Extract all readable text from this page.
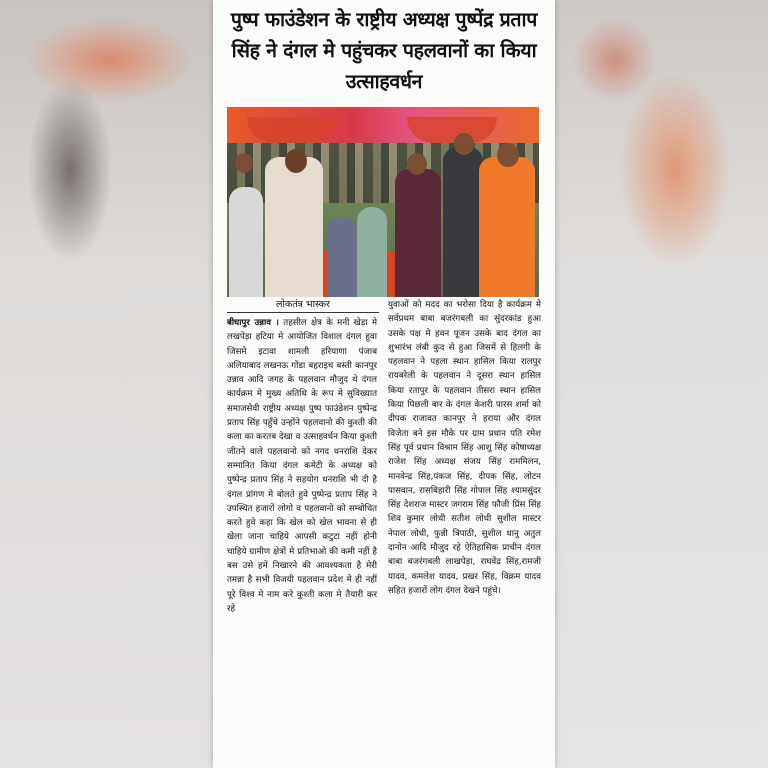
पुष्प फाउंडेशन के राष्ट्रीय अध्यक्ष पुष्पेंद्र प्रताप सिंह ने दंगल मे पहुंचकर पहलवानों का किया उत्साहवर्धन
लोकतंत्र भास्कर
बीघापुर उन्नाव । तहसील क्षेत्र के मनी खेड़ा मे लखपेड़ा हटिया मे आयोजित विशाल दंगल हुवा जिसमे इटावा शामली हरियाणा पंजाब अलियाबाद लखनऊ गोंडा बहराइच बस्ती कानपुर उन्नाव आदि जगह के पहलवान मौजुद थे दंगल कार्यक्रम मे मुख्य अतिथि के रूप मे सुविख्यात समाजसेवी राष्ट्रीय अध्यक्ष पुष्प फाउंडेशन पुष्पेन्द्र प्रताप सिंह पहुँचे उन्होंने पहलवानो की कुश्ती की कला का करतब देखा व उत्साहवर्धन किया कुश्ती जीतने वाले पहलवानो को नगद धनराशि देकर सम्मानित किया दंगल कमेटी के अध्यक्ष को पुष्पेन्द्र प्रताप सिंह ने सहयोग धनराशि भी दी है दंगल प्रांगण मे बोलते हुवे पुष्पेन्द्र प्रताप सिंह ने उपस्थित हजारों लोगो व पहलवानो को सम्बोधित करते हुवे कहा कि खेल को खेल भावना से ही खेला जाना चाहिये आपसी कटुटा नहीं होनी चाहिये ग्रामीण क्षेत्रों मे प्रतिभाओ की कमी नहीं है बस उसे हमें निखारने की आवश्यकता है मेरी तमन्ना है सभी विजयी पहलवान प्रदेश मे ही नहीं पूरे विश्व मे नाम करे कुश्ती कला मे तैयारी कर रहे
युवाओं को मदद का भरोसा दिया है कार्यक्रम मे सर्वप्रथम बाबा बजरंगबली का सुंदरकांड हुआ उसके पक्ष मे हवन पूजन उसके बाद दंगल का शुभारंभ लंबी कुद से हुआ जिसमें से हिलगी के पहलवान ने पहला स्थान हासिल किया रालपुर रायबरेली के पहलवान ने दूसरा स्थान हासिल किया रतापुर के पहलवान तीसरा स्थान हासिल किया पिछली बार के दंगल केशरी पारस शर्मा को दीपक राजावत कानपुर ने हराया और दंगल विजेता बने इस मौके पर ग्राम प्रधान पति रमेश सिंह पूर्व प्रधान विश्राम सिंह आशु सिंह कोषाध्यक्ष राजेश सिंह अध्यक्ष संजय सिंह राममिलन, मानवेन्द्र सिंह,पंकज सिंह, दीपक सिंह, लोटन पासवान, रासबिहारी सिंह गोपाल सिंह श्यामसुंदर सिंह देशराज मास्टर जगराम सिंह फौजी प्रिंस सिंह शिव कुमार लोधी सतीश लोधी सुशील मास्टर नेपाल लोधी, फुन्नी त्रिपाठी, सुशील धानु अतुल दानोन आदि मौजुद रहे ऐतिहासिक प्राचीन दंगल बाबा बजरंगबली लाखपेड़ा, राघवेंद्र सिंह,रामजी यादव, कमलेश यादव, प्रखर सिंह, विक्रम यादव सहित हजारों लोग दंगल देखने पहुंचे।
